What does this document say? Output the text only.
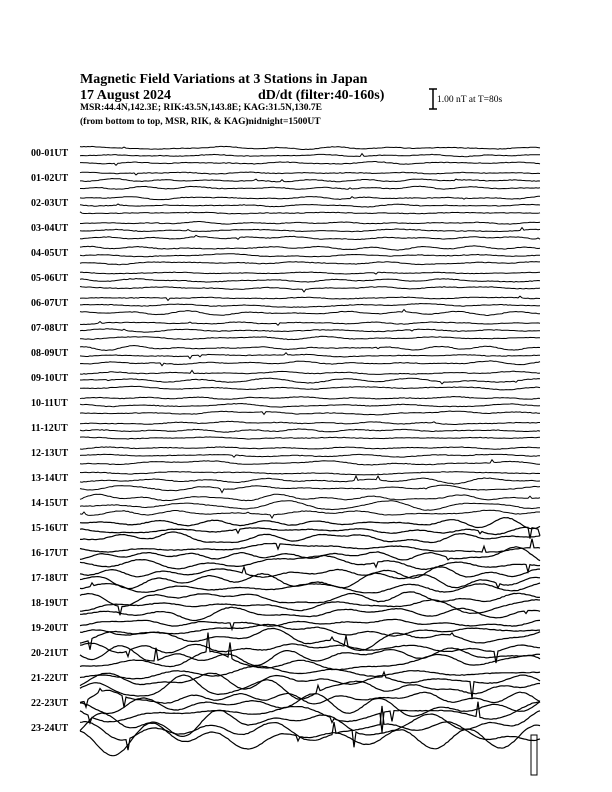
Magnetic Field Variations at 3 Stations in Japan
17 August 2024	dD/dt (filter:40-160s)
MSR:44.4N,142.3E; RIK:43.5N,143.8E; KAG:31.5N,130.7E
(from bottom to top, MSR, RIK, & KAG)
midnight=1500UT
1.00 nT at T=80s
00-01UT
01-02UT
02-03UT
03-04UT
04-05UT
05-06UT
06-07UT
07-08UT
08-09UT
09-10UT
10-11UT
11-12UT
12-13UT
13-14UT
14-15UT
15-16UT
16-17UT
17-18UT
18-19UT
19-20UT
20-21UT
21-22UT
22-23UT
23-24UT
